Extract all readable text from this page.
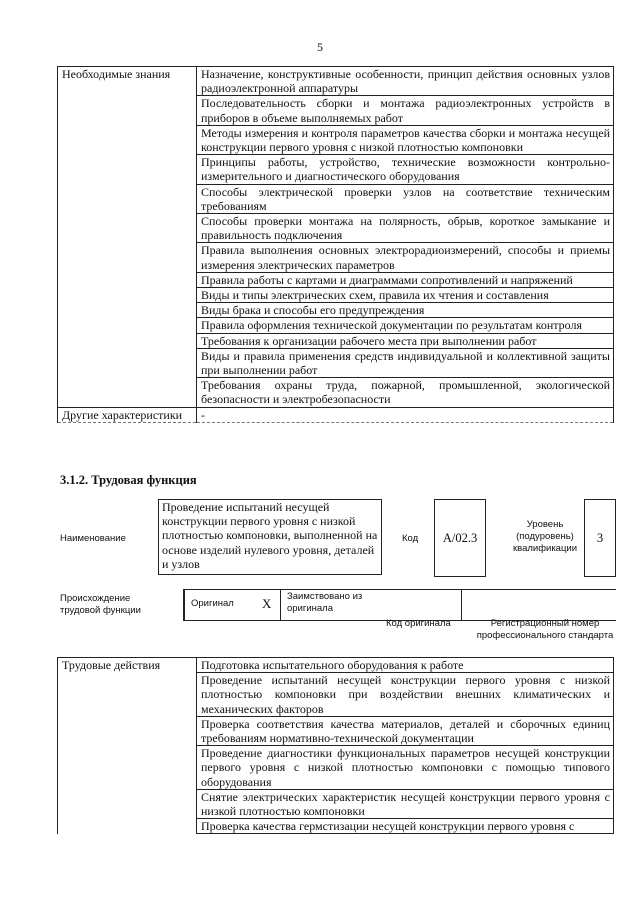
5
Необходимые знания	Назначение, конструктивные особенности, принцип действия основных узлов радиоэлектронной аппаратуры
	Последовательность сборки и монтажа радиоэлектронных устройств в приборов в объеме выполняемых работ
	Методы измерения и контроля параметров качества сборки и монтажа несущей конструкции первого уровня с низкой плотностью компоновки
	Принципы работы, устройство, технические возможности контрольно-измерительного и диагностического оборудования
	Способы электрической проверки узлов на соответствие техническим требованиям
	Способы проверки монтажа на полярность, обрыв, короткое замыкание и правильность подключения
	Правила выполнения основных электрорадиоизмерений, способы и приемы измерения электрических параметров
	Правила работы с картами и диаграммами сопротивлений и напряжений
	Виды и типы электрических схем, правила их чтения и составления
	Виды брака и способы его предупреждения
	Правила оформления технической документации по результатам контроля
	Требования к организации рабочего места при выполнении работ
	Виды и правила применения средств индивидуальной и коллективной защиты при выполнении работ
	Требования охраны труда, пожарной, промышленной, экологической безопасности и электробезопасности
Другие характеристики	-
3.1.2. Трудовая функция
Наименование
Проведение испытаний несущей конструкции первого уровня с низкой плотностью компоновки, выполненной на основе изделий нулевого уровня, деталей и узлов
Код A/02.3
Уровень (подуровень) квалификации
3
Происхождение трудовой функции
Оригинал X Заимствовано из оригинала
Код оригинала	Регистрационный номер профессионального стандарта
Трудовые действия	Подготовка испытательного оборудования к работе
Проведение испытаний несущей конструкции первого уровня с низкой плотностью компоновки при воздействии внешних климатических и механических факторов
Проверка соответствия качества материалов, деталей и сборочных единиц требованиям нормативно-технической документации
Проведение диагностики функциональных параметров несущей конструкции первого уровня с низкой плотностью компоновки с помощью типового оборудования
Снятие электрических характеристик несущей конструкции первого уровня с низкой плотностью компоновки
Проверка качества гермстизации несущей конструкции первого уровня с
